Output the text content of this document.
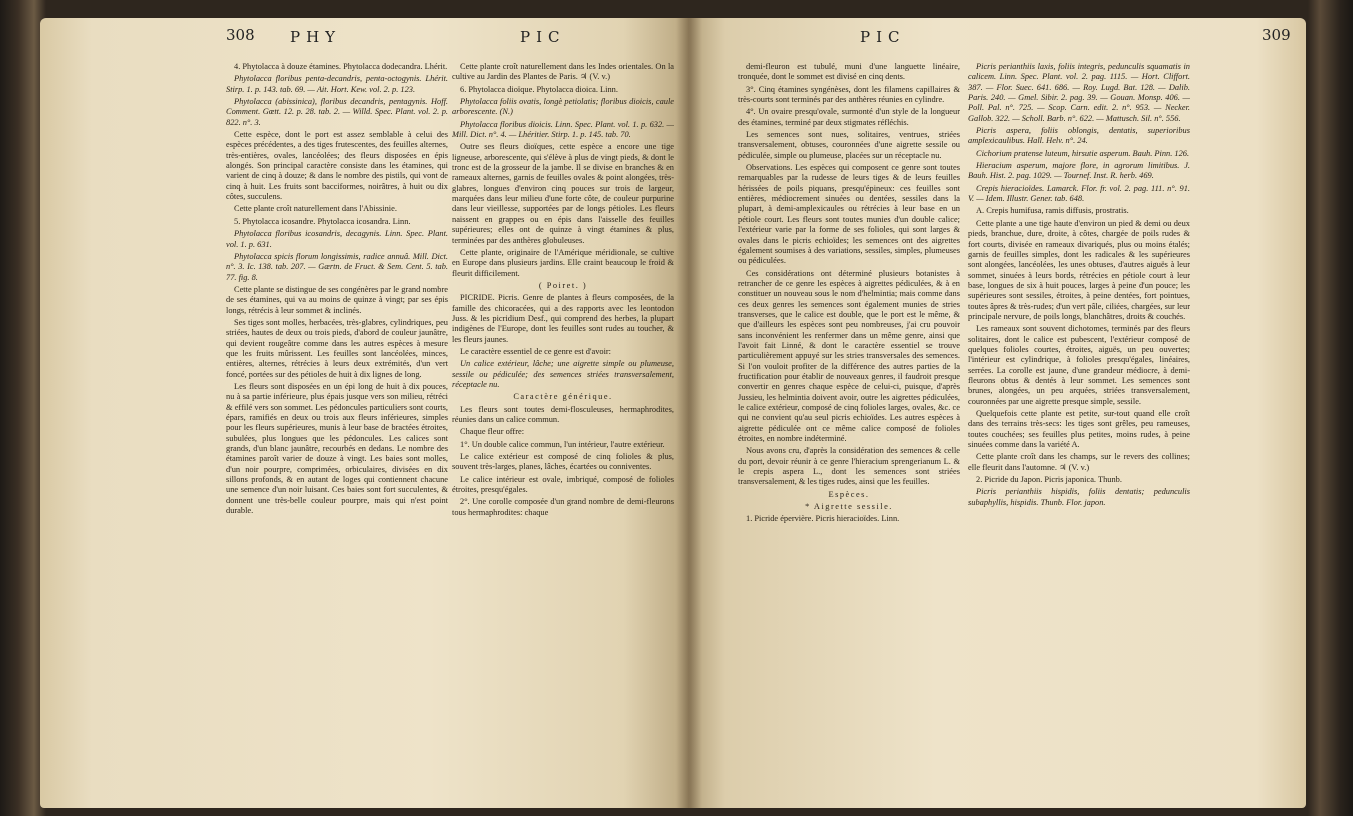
308 PHY	PIC	PIC	309

4. Phytolacca à douze étamines. Phytolacca dodecandra. Lhérit.

Phytolacca floribus penta-decandris, penta-octogynis. Lhérit. Stirp. 1. p. 143. tab. 69. — Ait. Hort. Kew. vol. 2. p. 123.

Phytolacca (abissinica), floribus decandris, pentagynis. Hoff. Comment. Gœtt. 12. p. 28. tab. 2. — Willd. Spec. Plant. vol. 2. p. 822. n°. 3.

Cette espèce, dont le port est assez semblable à celui des espèces précédentes, a des tiges frutescentes, des feuilles alternes, très-entières, ovales, lancéolées; des fleurs disposées en épis alongés. Son principal caractère consiste dans les étamines, qui varient de cinq à douze; & dans le nombre des pistils, qui vont de cinq à huit. Les fruits sont bacciformes, noirâtres, à huit ou dix côtes, succulens.

Cette plante croît naturellement dans l'Abissinie.

5. Phytolacca icosandre. Phytolacca icosandra. Linn.

Phytolacca floribus icosandris, decagynis. Linn. Spec. Plant. vol. 1. p. 631.

Phytolacca spicis florum longissimis, radice annuâ. Mill. Dict. n°. 3. Ic. 138. tab. 207. — Gærtn. de Fruct. & Sem. Cent. 5. tab. 77. fig. 8.

Cette plante se distingue de ses congénères par le grand nombre de ses étamines, qui va au moins de quinze à vingt; par ses épis longs, rétrécis à leur sommet & inclinés.

Ses tiges sont molles, herbacées, très-glabres, cylindriques, peu striées, hautes de deux ou trois pieds, d'abord de couleur jaunâtre, qui devient rougeâtre comme dans les autres espèces à mesure que les fruits mûrissent. Les feuilles sont lancéolées, minces, entières, alternes, rétrécies à leurs deux extrémités, d'un vert foncé, portées sur des pétioles de huit à dix lignes de long.

Les fleurs sont disposées en un épi long de huit à dix pouces, nu à sa partie inférieure, plus épais jusque vers son milieu, rétréci & effilé vers son sommet. Les pédoncules particuliers sont courts, épars, ramifiés en deux ou trois aux fleurs inférieures, simples pour les fleurs supérieures, munis à leur base de bractées étroites, subulées, plus longues que les pédoncules. Les calices sont grands, d'un blanc jaunâtre, recourbés en dedans. Le nombre des étamines paroît varier de douze à vingt. Les baies sont molles, d'un noir pourpre, comprimées, orbiculaires, divisées en dix sillons profonds, & en autant de loges qui contiennent chacune une semence d'un noir luisant. Ces baies sont fort succulentes, & donnent une très-belle couleur pourpre, mais qui n'est point durable.

Cette plante croît naturellement dans les Indes orientales. On la cultive au Jardin des Plantes de Paris. ♃ (V. v.)

6. Phytolacca dioïque. Phytolacca dioica. Linn.

Phytolacca foliis ovatis, longè petiolatis; floribus dioicis, caule arborescente. (N.)

Phytolacca floribus dioicis. Linn. Spec. Plant. vol. 1. p. 632. — Mill. Dict. n°. 4. — Lhéritier. Stirp. 1. p. 145. tab. 70.

Outre ses fleurs dioïques, cette espèce a encore une tige ligneuse, arborescente, qui s'élève à plus de vingt pieds, & dont le tronc est de la grosseur de la jambe. Il se divise en branches & en rameaux alternes, garnis de feuilles ovales & point alongées, très-glabres, longues d'environ cinq pouces sur trois de largeur, marquées dans leur milieu d'une forte côte, de couleur purpurine dans leur vieillesse, supportées par de longs pétioles. Les fleurs naissent en grappes ou en épis dans l'aisselle des feuilles supérieures; elles ont de quinze à vingt étamines & plus, terminées par des anthères globuleuses.

Cette plante, originaire de l'Amérique méridionale, se cultive en Europe dans plusieurs jardins. Elle craint beaucoup le froid & fleurit difficilement.

( Poiret. )

PICRIDE. Picris. Genre de plantes à fleurs composées, de la famille des chicoracées, qui a des rapports avec les leontodon Juss. & les picridium Desf., qui comprend des herbes, la plupart indigènes de l'Europe, dont les feuilles sont rudes au toucher, & les fleurs jaunes.

Le caractère essentiel de ce genre est d'avoir:

Un calice extérieur, lâche; une aigrette simple ou plumeuse, sessile ou pédiculée; des semences striées transversalement, réceptacle nu.

Caractère générique.

Les fleurs sont toutes demi-flosculeuses, hermaphrodites, réunies dans un calice commun.

Chaque fleur offre:

1°. Un double calice commun, l'un intérieur, l'autre extérieur.

Le calice extérieur est composé de cinq folioles & plus, souvent très-larges, planes, lâches, écartées ou conniventes.

Le calice intérieur est ovale, imbriqué, composé de folioles étroites, presqu'égales.

2°. Une corolle composée d'un grand nombre de demi-fleurons tous hermaphrodites: chaque

demi-fleuron est tubulé, muni d'une languette linéaire, tronquée, dont le sommet est divisé en cinq dents.

3°. Cinq étamines syngénèses, dont les filamens capillaires & très-courts sont terminés par des anthères réunies en cylindre.

4°. Un ovaire presqu'ovale, surmonté d'un style de la longueur des étamines, terminé par deux stigmates réfléchis.

Les semences sont nues, solitaires, ventrues, striées transversalement, obtuses, couronnées d'une aigrette sessile ou pédiculée, simple ou plumeuse, placées sur un réceptacle nu.

Observations. Les espèces qui composent ce genre sont toutes remarquables par la rudesse de leurs tiges & de leurs feuilles hérissées de poils piquans, presqu'épineux: ces feuilles sont entières, médiocrement sinuées ou dentées, sessiles dans la plupart, à demi-amplexicaules ou rétrécies à leur base en un pétiole court. Les fleurs sont toutes munies d'un double calice; l'extérieur varie par la forme de ses folioles, qui sont larges & ovales dans le picris echioïdes; les semences ont des aigrettes également soumises à des variations, sessiles, simples, plumeuses ou pédiculées.

Ces considérations ont déterminé plusieurs botanistes à retrancher de ce genre les espèces à aigrettes pédiculées, & à en constituer un nouveau sous le nom d'helmintia; mais comme dans ces deux genres les semences sont également munies de stries transverses, que le calice est double, que le port est le même, & que d'ailleurs les espèces sont peu nombreuses, j'ai cru pouvoir sans inconvénient les renfermer dans un même genre, ainsi que l'avoit fait Linné, & dont le caractère essentiel se trouve particulièrement appuyé sur les stries transversales des semences. Si l'on vouloit profiter de la différence des autres parties de la fructification pour établir de nouveaux genres, il faudroit presque convertir en genres chaque espèce de celui-ci, puisque, d'après Jussieu, les helmintia doivent avoir, outre les aigrettes pédiculées, le calice extérieur, composé de cinq folioles larges, ovales, &c. ce qui ne convient qu'au seul picris echioïdes. Les autres espèces à aigrette pédiculée ont ce même calice composé de folioles étroites, en nombre indéterminé.

Nous avons cru, d'après la considération des semences & celle du port, devoir réunir à ce genre l'hieracium sprengerianum L. & le crepis aspera L., dont les semences sont striées transversalement, & les tiges rudes, ainsi que les feuilles.

Espèces.

* Aigrette sessile.

1. Picride épervière. Picris hieracioïdes. Linn.

Picris perianthiis laxis, foliis integris, pedunculis squamatis in calicem. Linn. Spec. Plant. vol. 2. pag. 1115. — Hort. Cliffort. 387. — Flor. Suec. 641. 686. — Roy. Lugd. Bat. 128. — Dalib. Paris. 240. — Gmel. Sibir. 2. pag. 39. — Gouan. Monsp. 406. — Poll. Pal. n°. 725. — Scop. Carn. edit. 2. n°. 953. — Necker. Gallob. 322. — Scholl. Barb. n°. 622. — Mattusch. Sil. n°. 556.

Picris aspera, foliis oblongis, dentatis, superioribus amplexicaulibus. Hall. Helv. n°. 24.

Cichorium pratense luteum, hirsutie asperum. Bauh. Pinn. 126.

Hieracium asperum, majore flore, in agrorum limitibus. J. Bauh. Hist. 2. pag. 1029. — Tournef. Inst. R. herb. 469.

Crepis hieracioïdes. Lamarck. Flor. fr. vol. 2. pag. 111. n°. 91. V. — Idem. Illustr. Gener. tab. 648.

A. Crepis humifusa, ramis diffusis, prostratis.

Cette plante a une tige haute d'environ un pied & demi ou deux pieds, branchue, dure, droite, à côtes, chargée de poils rudes & fort courts, divisée en rameaux divariqués, plus ou moins étalés; garnis de feuilles simples, dont les radicales & les supérieures sont alongées, lancéolées, les unes obtuses, d'autres aiguës à leur sommet, sinuées à leurs bords, rétrécies en pétiole court à leur base, longues de six à huit pouces, larges à peine d'un pouce; les supérieures sont sessiles, étroites, à peine dentées, fort pointues, toutes âpres & très-rudes; d'un vert pâle, ciliées, chargées, sur leur principale nervure, de poils longs, blanchâtres, droits & couchés.

Les rameaux sont souvent dichotomes, terminés par des fleurs solitaires, dont le calice est pubescent, l'extérieur composé de quelques folioles courtes, étroites, aiguës, un peu ouvertes; l'intérieur est cylindrique, à folioles presqu'égales, linéaires, serrées. La corolle est jaune, d'une grandeur médiocre, à demi-fleurons obtus & dentés à leur sommet. Les semences sont brunes, alongées, un peu arquées, striées transversalement, couronnées par une aigrette presque simple, sessile.

Quelquefois cette plante est petite, sur-tout quand elle croît dans des terrains très-secs: les tiges sont grêles, peu rameuses, toutes couchées; ses feuilles plus petites, moins rudes, à peine sinuées comme dans la variété A.

Cette plante croît dans les champs, sur le revers des collines; elle fleurit dans l'automne. ♃ (V. v.)

2. Picride du Japon. Picris japonica. Thunb.

Picris perianthiis hispidis, foliis dentatis; pedunculis subaphyllis, hispidis. Thunb. Flor. japon.
